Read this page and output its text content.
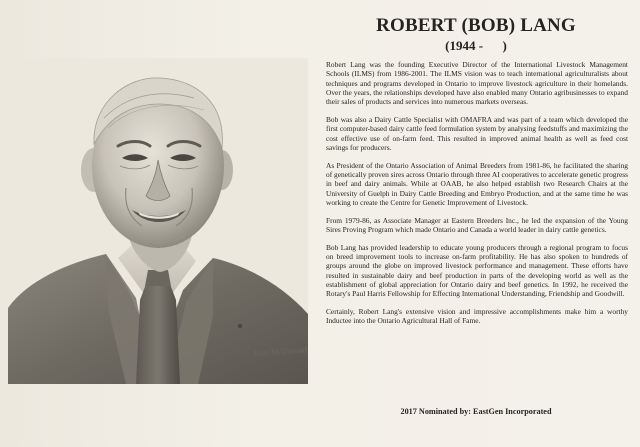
Nan McDonald
ROBERT (BOB) LANG
(1944 -      )

Robert Lang was the founding Executive Director of the International Livestock Management Schools (ILMS) from 1986-2001. The ILMS vision was to teach international agriculturalists about techniques and programs developed in Ontario to improve livestock agriculture in their homelands. Over the years, the relationships developed have also enabled many Ontario agribusinesses to expand their sales of products and services into numerous markets overseas.

Bob was also a Dairy Cattle Specialist with OMAFRA and was part of a team which developed the first computer-based dairy cattle feed formulation system by analysing feedstuffs and maximizing the cost effective use of on-farm feed. This resulted in improved animal health as well as feed cost savings for producers.

As President of the Ontario Association of Animal Breeders from 1981-86, he facilitated the sharing of genetically proven sires across Ontario through three AI cooperatives to accelerate genetic progress in beef and dairy animals. While at OAAB, he also helped establish two Research Chairs at the University of Guelph in Dairy Cattle Breeding and Embryo Production, and at the same time he was working to create the Centre for Genetic Improvement of Livestock.

From 1979-86, as Associate Manager at Eastern Breeders Inc., he led the expansion of the Young Sires Proving Program which made Ontario and Canada a world leader in dairy cattle genetics.

Bob Lang has provided leadership to educate young producers through a regional program to focus on breed improvement tools to increase on-farm profitability. He has also spoken to hundreds of groups around the globe on improved livestock performance and management. These efforts have resulted in sustainable dairy and beef production in parts of the developing world as well as the establishment of global appreciation for Ontario dairy and beef genetics. In 1992, he received the Rotary's Paul Harris Fellowship for Effecting International Understanding, Friendship and Goodwill.

Certainly, Robert Lang's extensive vision and impressive accomplishments make him a worthy Inductee into the Ontario Agricultural Hall of Fame.

2017 Nominated by: EastGen Incorporated
